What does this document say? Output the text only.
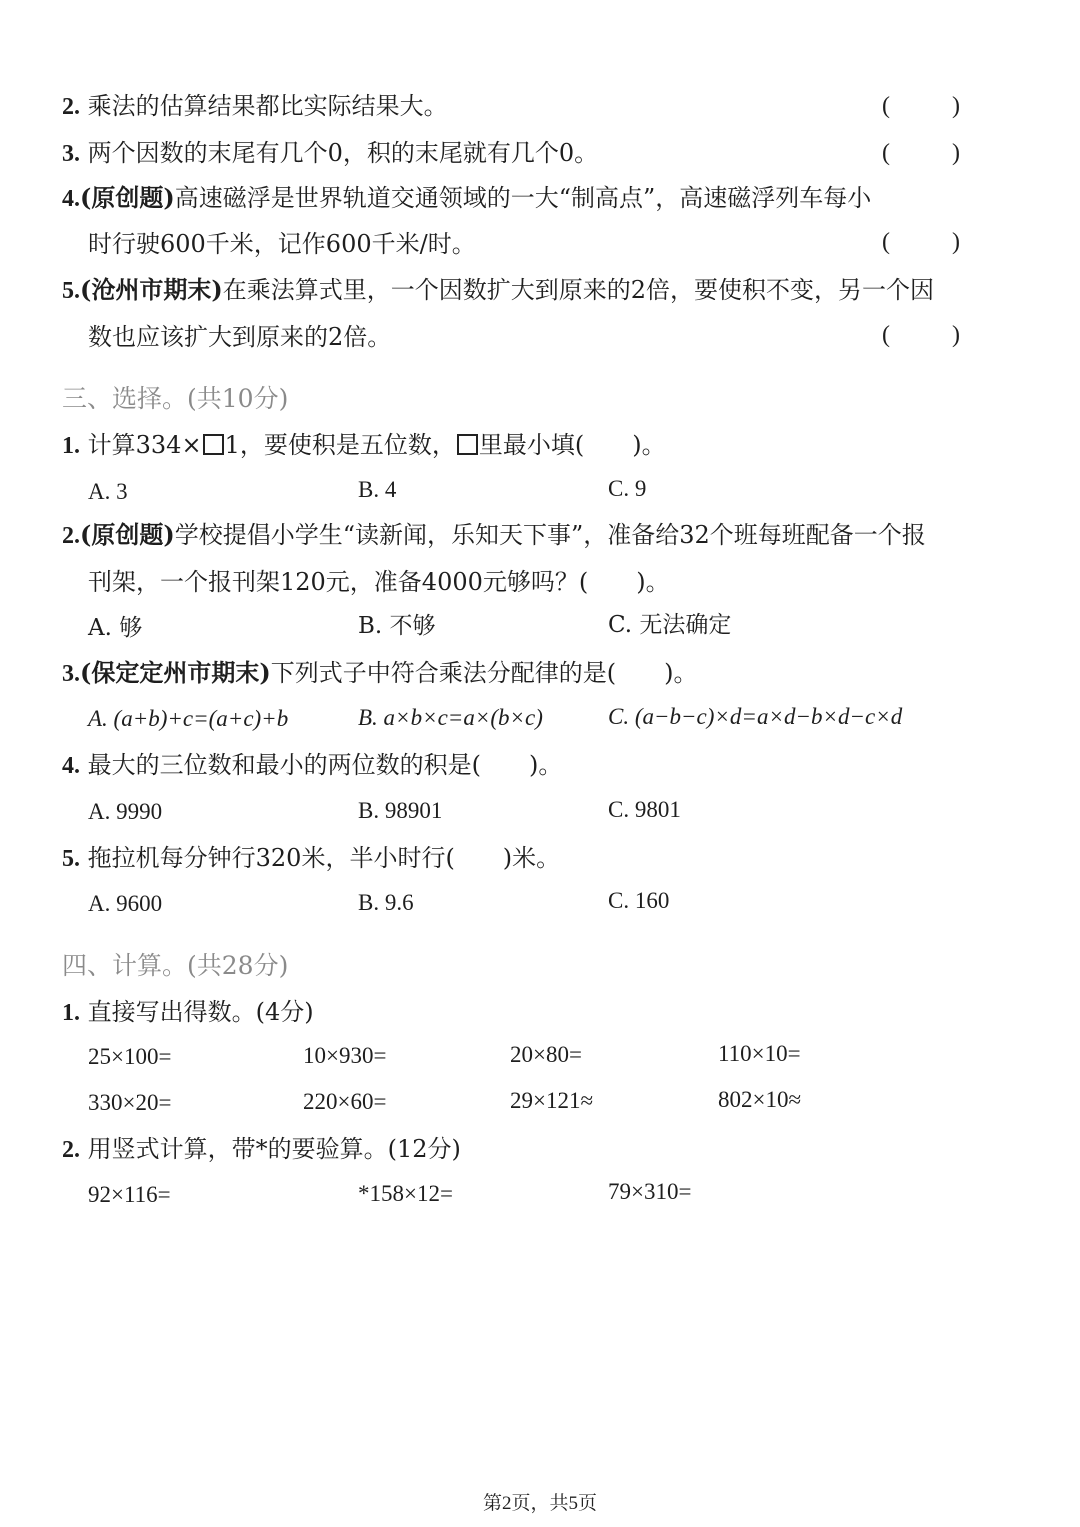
2. 乘法的估算结果都比实际结果大。	(	)
3. 两个因数的末尾有几个0，积的末尾就有几个0。	(	)
4.(原创题)高速磁浮是世界轨道交通领域的一大“制高点”，高速磁浮列车每小
时行驶600千米，记作600千米/时。	(	)
5.(沧州市期末)在乘法算式里，一个因数扩大到原来的2倍，要使积不变，另一个因
数也应该扩大到原来的2倍。	(	)
三、选择。(共10分)
1. 计算334× 1，要使积是五位数， 里最小填(　　)。
A. 3	B. 4	C. 9
2.(原创题)学校提倡小学生“读新闻，乐知天下事”，准备给32个班每班配备一个报
刊架，一个报刊架120元，准备4000元够吗？(　　)。
A. 够	B. 不够	C. 无法确定
3.(保定定州市期末)下列式子中符合乘法分配律的是(　　)。
A. (a+b)+c=(a+c)+b	B. a×b×c=a×(b×c)	C. (a−b−c)×d=a×d−b×d−c×d
4. 最大的三位数和最小的两位数的积是(　　)。
A. 9990	B. 98901	C. 9801
5. 拖拉机每分钟行320米，半小时行(　　)米。
A. 9600	B. 9.6	C. 160
四、计算。(共28分)
1. 直接写出得数。(4分)
25×100=	10×930=	20×80=	110×10=
330×20=	220×60=	29×121≈	802×10≈
2. 用竖式计算，带*的要验算。(12分)
92×116=	*158×12=	79×310=
第2页，共5页
